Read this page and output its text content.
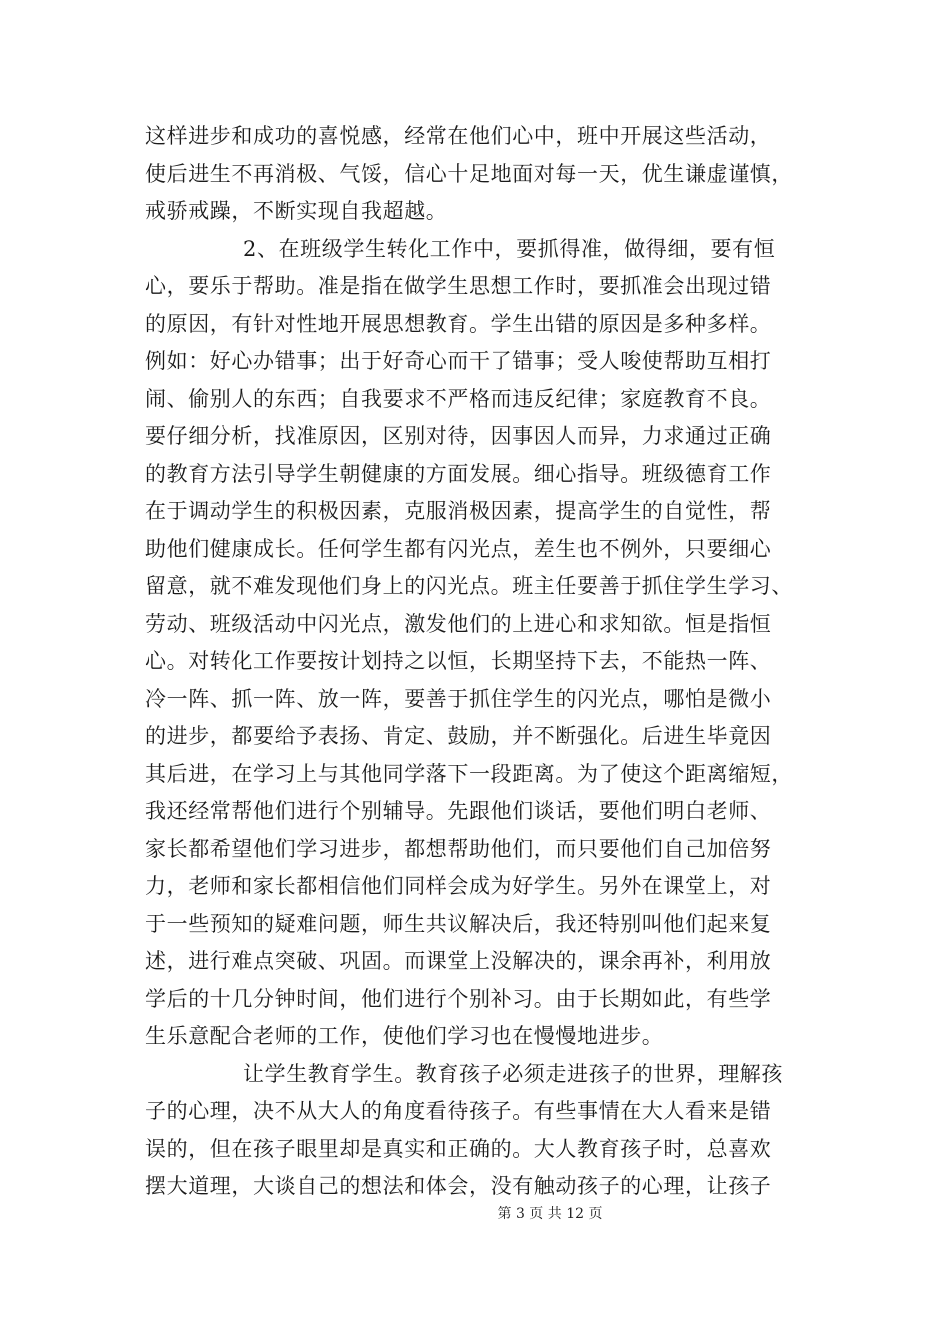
这样进步和成功的喜悦感，经常在他们心中，班中开展这些活动，
使后进生不再消极、气馁，信心十足地面对每一天，优生谦虚谨慎，
戒骄戒躁，不断实现自我超越。
2、在班级学生转化工作中，要抓得准，做得细，要有恒
心，要乐于帮助。准是指在做学生思想工作时，要抓准会出现过错
的原因，有针对性地开展思想教育。学生出错的原因是多种多样。
例如：好心办错事；出于好奇心而干了错事；受人唆使帮助互相打
闹、偷别人的东西；自我要求不严格而违反纪律；家庭教育不良。
要仔细分析，找准原因，区别对待，因事因人而异，力求通过正确
的教育方法引导学生朝健康的方面发展。细心指导。班级德育工作
在于调动学生的积极因素，克服消极因素，提高学生的自觉性，帮
助他们健康成长。任何学生都有闪光点，差生也不例外，只要细心
留意，就不难发现他们身上的闪光点。班主任要善于抓住学生学习、
劳动、班级活动中闪光点，激发他们的上进心和求知欲。恒是指恒
心。对转化工作要按计划持之以恒，长期坚持下去，不能热一阵、
冷一阵、抓一阵、放一阵，要善于抓住学生的闪光点，哪怕是微小
的进步，都要给予表扬、肯定、鼓励，并不断强化。后进生毕竟因
其后进，在学习上与其他同学落下一段距离。为了使这个距离缩短，
我还经常帮他们进行个别辅导。先跟他们谈话，要他们明白老师、
家长都希望他们学习进步，都想帮助他们，而只要他们自己加倍努
力，老师和家长都相信他们同样会成为好学生。另外在课堂上，对
于一些预知的疑难问题，师生共议解决后，我还特别叫他们起来复
述，进行难点突破、巩固。而课堂上没解决的，课余再补，利用放
学后的十几分钟时间，他们进行个别补习。由于长期如此，有些学
生乐意配合老师的工作，使他们学习也在慢慢地进步。
让学生教育学生。教育孩子必须走进孩子的世界，理解孩
子的心理，决不从大人的角度看待孩子。有些事情在大人看来是错
误的，但在孩子眼里却是真实和正确的。大人教育孩子时，总喜欢
摆大道理，大谈自己的想法和体会，没有触动孩子的心理，让孩子
第 3 页 共 12 页
